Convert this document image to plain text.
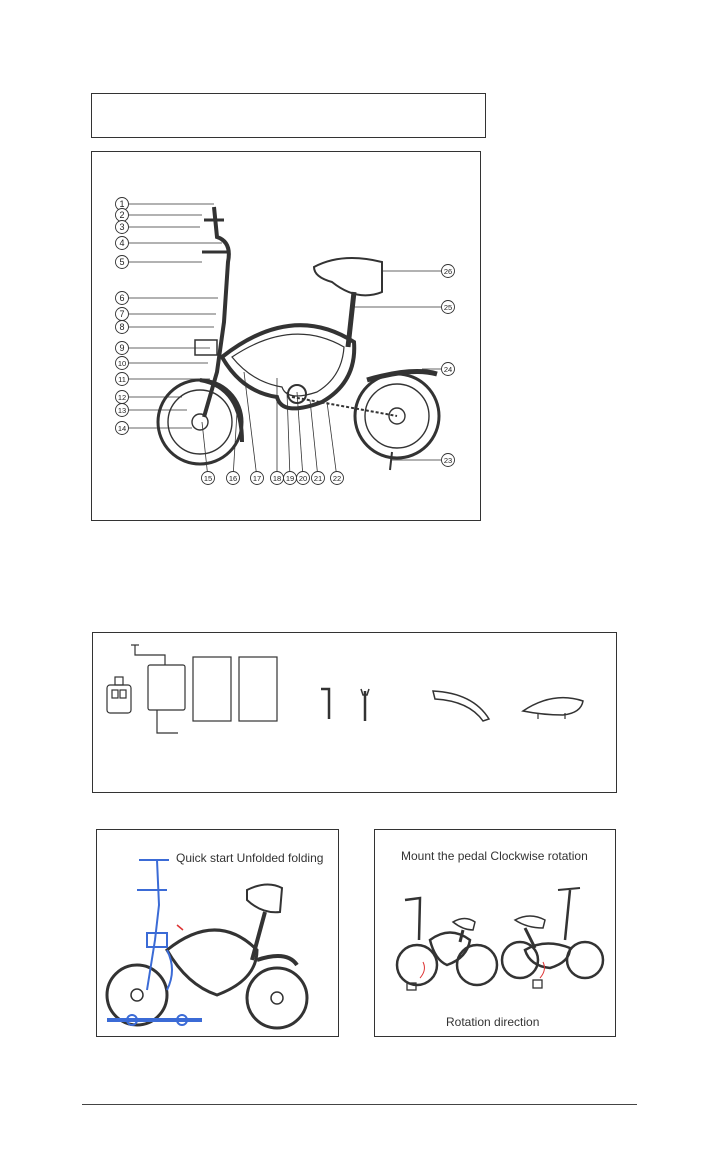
1
2
3
4
5
6
7
8
9
10
11
12
13
14
15 16 17 18 19 20 21 22
23
24
25
26
Quick start Unfolded folding	Mount the pedal Clockwise rotation
Rotation direction
